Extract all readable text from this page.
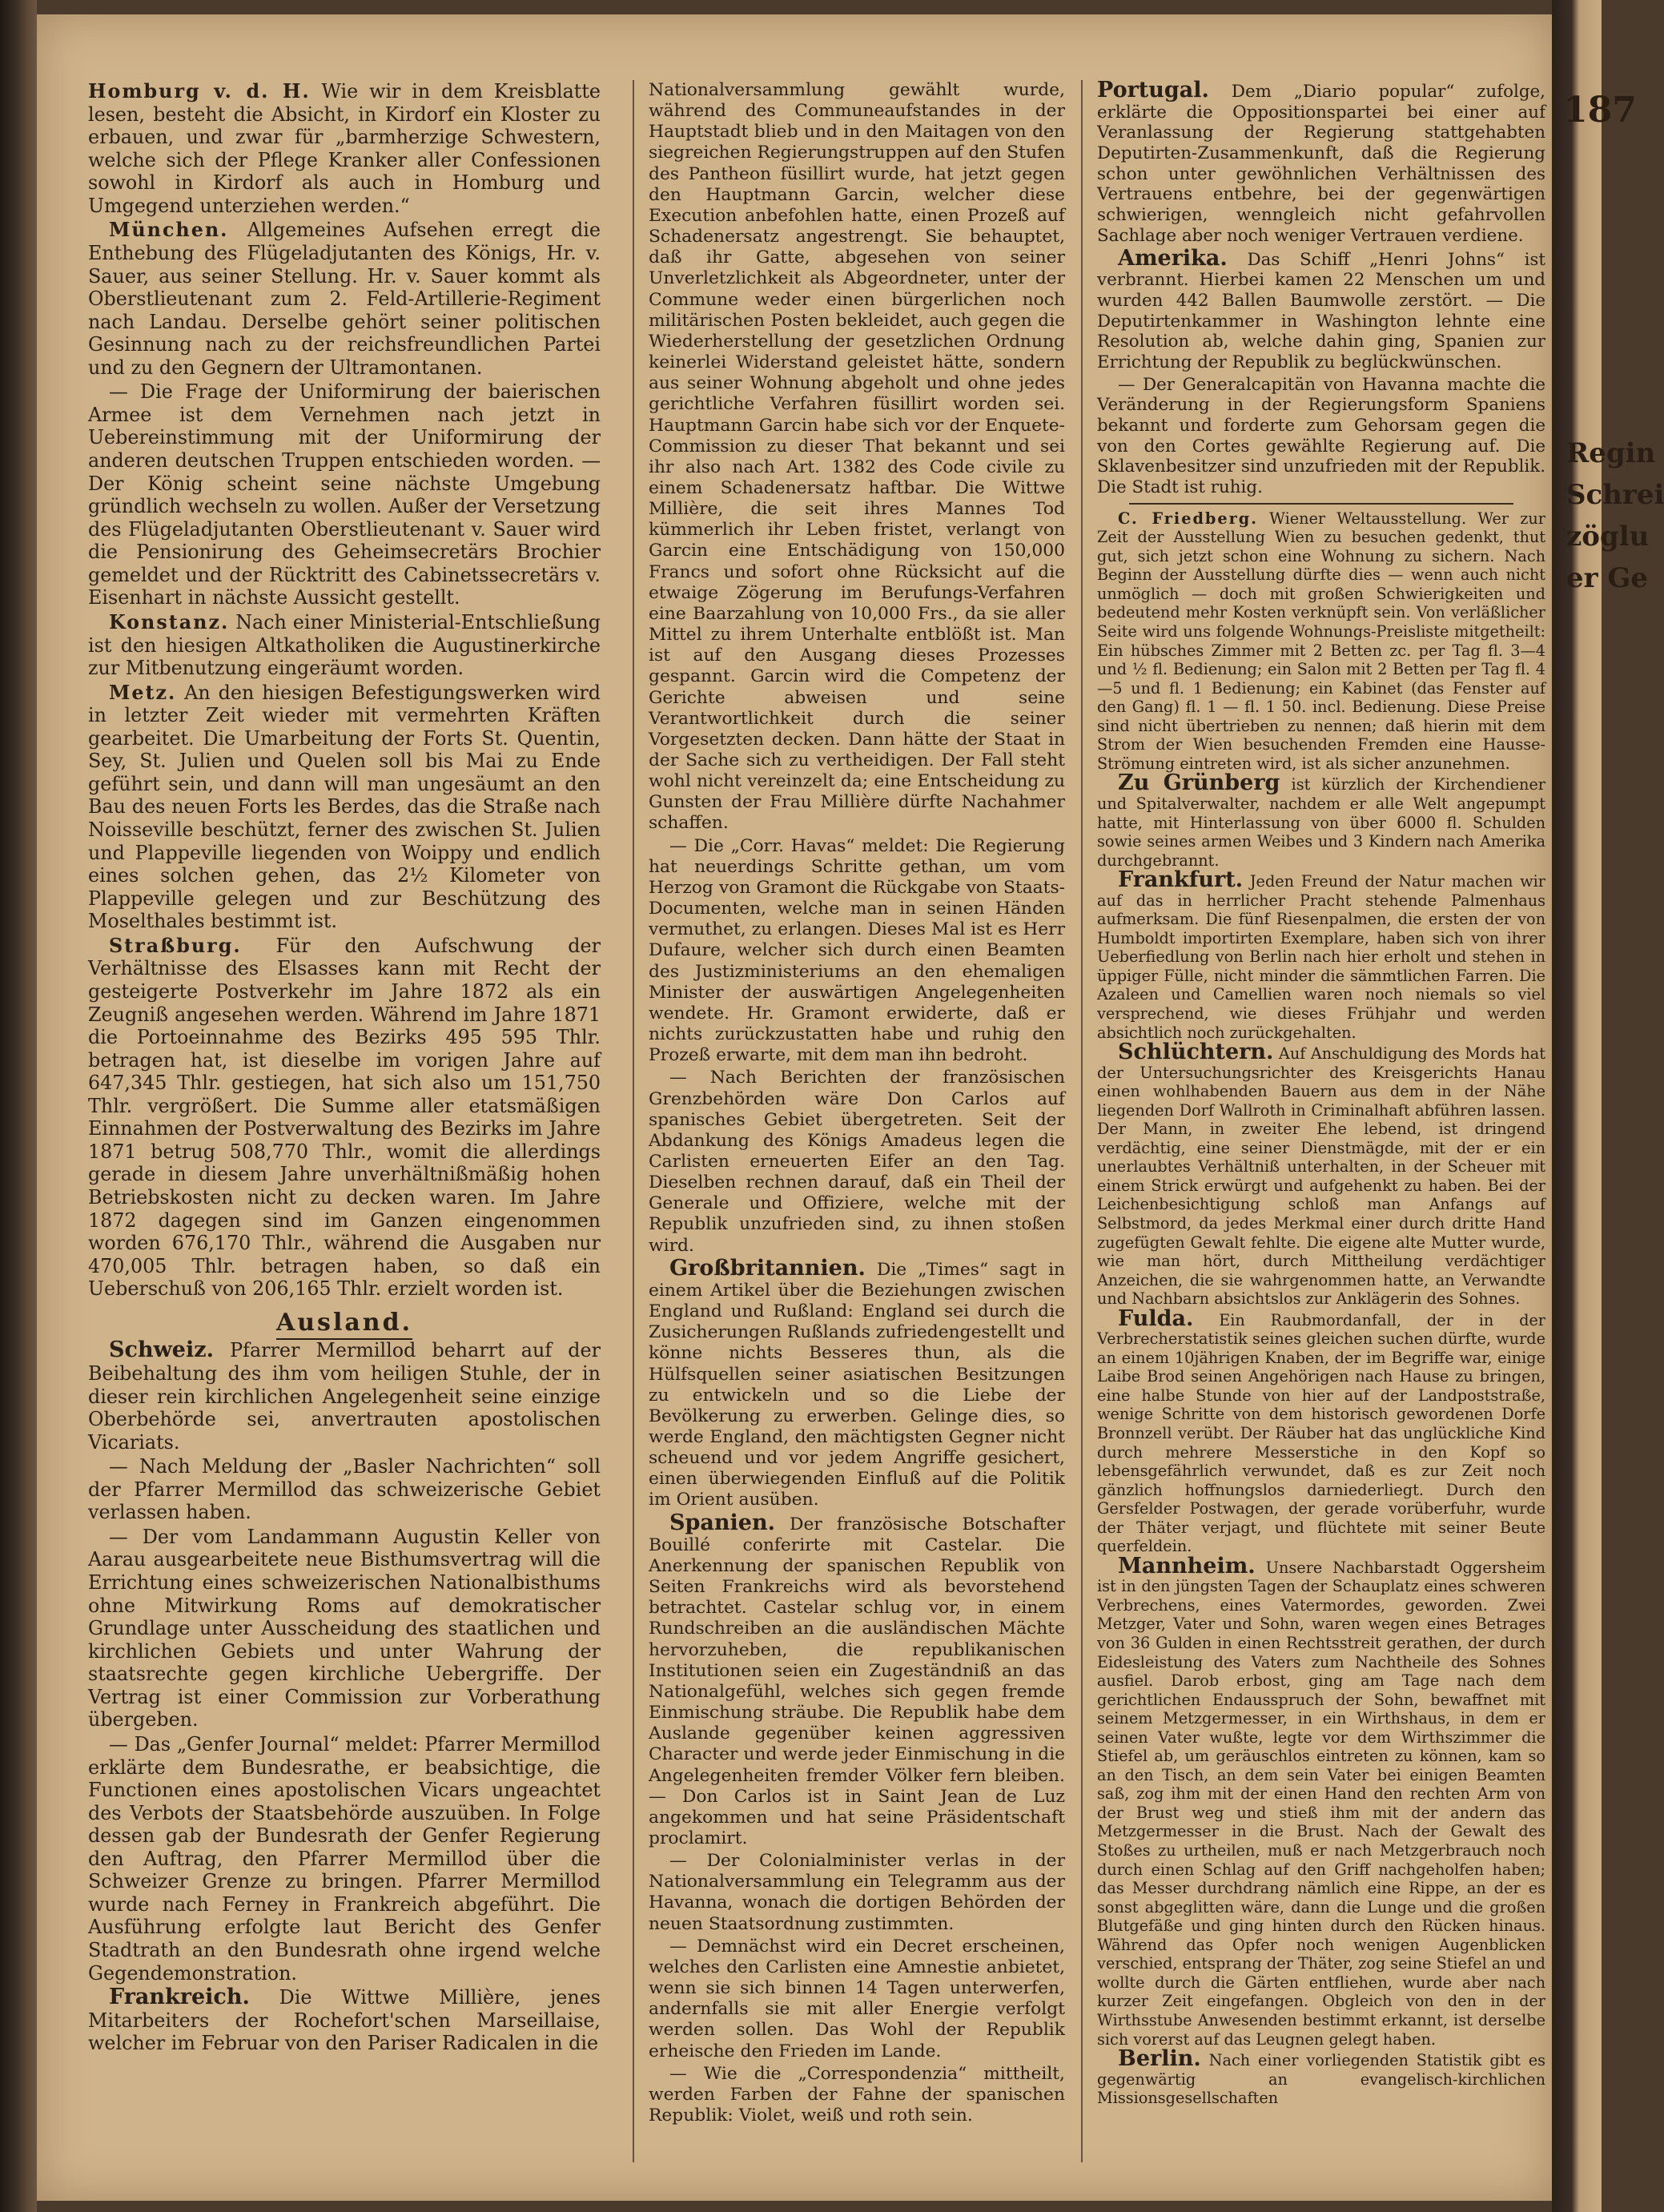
187

Homburg v. d. H. Wie wir in dem Kreisblatte lesen, besteht die Absicht, in Kirdorf ein Kloster zu erbauen, und zwar für „barmherzige Schwestern, welche sich der Pflege Kranker aller Confessionen sowohl in Kirdorf als auch in Homburg und Umgegend unterziehen werden.“

München. Allgemeines Aufsehen erregt die Enthebung des Flügeladjutanten des Königs, Hr. v. Sauer, aus seiner Stellung. Hr. v. Sauer kommt als Oberstlieutenant zum 2. Feld-Artillerie-Regiment nach Landau. Derselbe gehört seiner politischen Gesinnung nach zu der reichsfreundlichen Partei und zu den Gegnern der Ultramontanen.

— Die Frage der Uniformirung der baierischen Armee ist dem Vernehmen nach jetzt in Uebereinstimmung mit der Uniformirung der anderen deutschen Truppen entschieden worden. — Der König scheint seine nächste Umgebung gründlich wechseln zu wollen. Außer der Versetzung des Flügeladjutanten Oberstlieutenant v. Sauer wird die Pensionirung des Geheimsecretärs Brochier gemeldet und der Rücktritt des Cabinetssecretärs v. Eisenhart in nächste Aussicht gestellt.

Konstanz. Nach einer Ministerial-Entschließung ist den hiesigen Altkatholiken die Augustinerkirche zur Mitbenutzung eingeräumt worden.

Metz. An den hiesigen Befestigungswerken wird in letzter Zeit wieder mit vermehrten Kräften gearbeitet. Die Umarbeitung der Forts St. Quentin, Sey, St. Julien und Quelen soll bis Mai zu Ende geführt sein, und dann will man ungesäumt an den Bau des neuen Forts les Berdes, das die Straße nach Noisseville beschützt, ferner des zwischen St. Julien und Plappeville liegenden von Woippy und endlich eines solchen gehen, das 2½ Kilometer von Plappeville gelegen und zur Beschützung des Moselthales bestimmt ist.

Straßburg. Für den Aufschwung der Verhältnisse des Elsasses kann mit Recht der gesteigerte Postverkehr im Jahre 1872 als ein Zeugniß angesehen werden. Während im Jahre 1871 die Portoeinnahme des Bezirks 495 595 Thlr. betragen hat, ist dieselbe im vorigen Jahre auf 647,345 Thlr. gestiegen, hat sich also um 151,750 Thlr. vergrößert. Die Summe aller etatsmäßigen Einnahmen der Postverwaltung des Bezirks im Jahre 1871 betrug 508,770 Thlr., womit die allerdings gerade in diesem Jahre unverhältnißmäßig hohen Betriebskosten nicht zu decken waren. Im Jahre 1872 dagegen sind im Ganzen eingenommen worden 676,170 Thlr., während die Ausgaben nur 470,005 Thlr. betragen haben, so daß ein Ueberschuß von 206,165 Thlr. erzielt worden ist.

Ausland.

Schweiz. Pfarrer Mermillod beharrt auf der Beibehaltung des ihm vom heiligen Stuhle, der in dieser rein kirchlichen Angelegenheit seine einzige Oberbehörde sei, anvertrauten apostolischen Vicariats.

— Nach Meldung der „Basler Nachrichten“ soll der Pfarrer Mermillod das schweizerische Gebiet verlassen haben.

— Der vom Landammann Augustin Keller von Aarau ausgearbeitete neue Bisthumsvertrag will die Errichtung eines schweizerischen Nationalbisthums ohne Mitwirkung Roms auf demokratischer Grundlage unter Ausscheidung des staatlichen und kirchlichen Gebiets und unter Wahrung der staatsrechte gegen kirchliche Uebergriffe. Der Vertrag ist einer Commission zur Vorberathung übergeben.

— Das „Genfer Journal“ meldet: Pfarrer Mermillod erklärte dem Bundesrathe, er beabsichtige, die Functionen eines apostolischen Vicars ungeachtet des Verbots der Staatsbehörde auszuüben. In Folge dessen gab der Bundesrath der Genfer Regierung den Auftrag, den Pfarrer Mermillod über die Schweizer Grenze zu bringen. Pfarrer Mermillod wurde nach Ferney in Frankreich abgeführt. Die Ausführung erfolgte laut Bericht des Genfer Stadtrath an den Bundesrath ohne irgend welche Gegendemonstration.

Frankreich. Die Wittwe Millière, jenes Mitarbeiters der Rochefort'schen Marseillaise, welcher im Februar von den Pariser Radicalen in die

Nationalversammlung gewählt wurde, während des Communeaufstandes in der Hauptstadt blieb und in den Maitagen von den siegreichen Regierungstruppen auf den Stufen des Pantheon füsillirt wurde, hat jetzt gegen den Hauptmann Garcin, welcher diese Execution anbefohlen hatte, einen Prozeß auf Schadenersatz angestrengt. Sie behauptet, daß ihr Gatte, abgesehen von seiner Unverletzlichkeit als Abgeordneter, unter der Commune weder einen bürgerlichen noch militärischen Posten bekleidet, auch gegen die Wiederherstellung der gesetzlichen Ordnung keinerlei Widerstand geleistet hätte, sondern aus seiner Wohnung abgeholt und ohne jedes gerichtliche Verfahren füsillirt worden sei. Hauptmann Garcin habe sich vor der Enquete-Commission zu dieser That bekannt und sei ihr also nach Art. 1382 des Code civile zu einem Schadenersatz haftbar. Die Wittwe Millière, die seit ihres Mannes Tod kümmerlich ihr Leben fristet, verlangt von Garcin eine Entschädigung von 150,000 Francs und sofort ohne Rücksicht auf die etwaige Zögerung im Berufungs-Verfahren eine Baarzahlung von 10,000 Frs., da sie aller Mittel zu ihrem Unterhalte entblößt ist. Man ist auf den Ausgang dieses Prozesses gespannt. Garcin wird die Competenz der Gerichte abweisen und seine Verantwortlichkeit durch die seiner Vorgesetzten decken. Dann hätte der Staat in der Sache sich zu vertheidigen. Der Fall steht wohl nicht vereinzelt da; eine Entscheidung zu Gunsten der Frau Millière dürfte Nachahmer schaffen.

— Die „Corr. Havas“ meldet: Die Regierung hat neuerdings Schritte gethan, um vom Herzog von Gramont die Rückgabe von Staats-Documenten, welche man in seinen Händen vermuthet, zu erlangen. Dieses Mal ist es Herr Dufaure, welcher sich durch einen Beamten des Justizministeriums an den ehemaligen Minister der auswärtigen Angelegenheiten wendete. Hr. Gramont erwiderte, daß er nichts zurückzustatten habe und ruhig den Prozeß erwarte, mit dem man ihn bedroht.

— Nach Berichten der französischen Grenzbehörden wäre Don Carlos auf spanisches Gebiet übergetreten. Seit der Abdankung des Königs Amadeus legen die Carlisten erneuerten Eifer an den Tag. Dieselben rechnen darauf, daß ein Theil der Generale und Offiziere, welche mit der Republik unzufrieden sind, zu ihnen stoßen wird.

Großbritannien. Die „Times“ sagt in einem Artikel über die Beziehungen zwischen England und Rußland: England sei durch die Zusicherungen Rußlands zufriedengestellt und könne nichts Besseres thun, als die Hülfsquellen seiner asiatischen Besitzungen zu entwickeln und so die Liebe der Bevölkerung zu erwerben. Gelinge dies, so werde England, den mächtigsten Gegner nicht scheuend und vor jedem Angriffe gesichert, einen überwiegenden Einfluß auf die Politik im Orient ausüben.

Spanien. Der französische Botschafter Bouillé conferirte mit Castelar. Die Anerkennung der spanischen Republik von Seiten Frankreichs wird als bevorstehend betrachtet. Castelar schlug vor, in einem Rundschreiben an die ausländischen Mächte hervorzuheben, die republikanischen Institutionen seien ein Zugeständniß an das Nationalgefühl, welches sich gegen fremde Einmischung sträube. Die Republik habe dem Auslande gegenüber keinen aggressiven Character und werde jeder Einmischung in die Angelegenheiten fremder Völker fern bleiben. — Don Carlos ist in Saint Jean de Luz angekommen und hat seine Präsidentschaft proclamirt.

— Der Colonialminister verlas in der Nationalversammlung ein Telegramm aus der Havanna, wonach die dortigen Behörden der neuen Staatsordnung zustimmten.

— Demnächst wird ein Decret erscheinen, welches den Carlisten eine Amnestie anbietet, wenn sie sich binnen 14 Tagen unterwerfen, andernfalls sie mit aller Energie verfolgt werden sollen. Das Wohl der Republik erheische den Frieden im Lande.

— Wie die „Correspondenzia“ mittheilt, werden Farben der Fahne der spanischen Republik: Violet, weiß und roth sein.

Portugal. Dem „Diario popular“ zufolge, erklärte die Oppositionspartei bei einer auf Veranlassung der Regierung stattgehabten Deputirten-Zusammenkunft, daß die Regierung schon unter gewöhnlichen Verhältnissen des Vertrauens entbehre, bei der gegenwärtigen schwierigen, wenngleich nicht gefahrvollen Sachlage aber noch weniger Vertrauen verdiene.

Amerika. Das Schiff „Henri Johns“ ist verbrannt. Hierbei kamen 22 Menschen um und wurden 442 Ballen Baumwolle zerstört. — Die Deputirtenkammer in Washington lehnte eine Resolution ab, welche dahin ging, Spanien zur Errichtung der Republik zu beglückwünschen.

— Der Generalcapitän von Havanna machte die Veränderung in der Regierungsform Spaniens bekannt und forderte zum Gehorsam gegen die von den Cortes gewählte Regierung auf. Die Sklavenbesitzer sind unzufrieden mit der Republik. Die Stadt ist ruhig.

C. Friedberg. Wiener Weltausstellung. Wer zur Zeit der Ausstellung Wien zu besuchen gedenkt, thut gut, sich jetzt schon eine Wohnung zu sichern. Nach Beginn der Ausstellung dürfte dies — wenn auch nicht unmöglich — doch mit großen Schwierigkeiten und bedeutend mehr Kosten verknüpft sein. Von verläßlicher Seite wird uns folgende Wohnungs-Preisliste mitgetheilt: Ein hübsches Zimmer mit 2 Betten zc. per Tag fl. 3—4 und ½ fl. Bedienung; ein Salon mit 2 Betten per Tag fl. 4—5 und fl. 1 Bedienung; ein Kabinet (das Fenster auf den Gang) fl. 1 — fl. 1 50. incl. Bedienung. Diese Preise sind nicht übertrieben zu nennen; daß hierin mit dem Strom der Wien besuchenden Fremden eine Hausse-Strömung eintreten wird, ist als sicher anzunehmen.

Zu Grünberg ist kürzlich der Kirchendiener und Spitalverwalter, nachdem er alle Welt angepumpt hatte, mit Hinterlassung von über 6000 fl. Schulden sowie seines armen Weibes und 3 Kindern nach Amerika durchgebrannt.

Frankfurt. Jeden Freund der Natur machen wir auf das in herrlicher Pracht stehende Palmenhaus aufmerksam. Die fünf Riesenpalmen, die ersten der von Humboldt importirten Exemplare, haben sich von ihrer Ueberfiedlung von Berlin nach hier erholt und stehen in üppiger Fülle, nicht minder die sämmtlichen Farren. Die Azaleen und Camellien waren noch niemals so viel versprechend, wie dieses Frühjahr und werden absichtlich noch zurückgehalten.

Schlüchtern. Auf Anschuldigung des Mords hat der Untersuchungsrichter des Kreisgerichts Hanau einen wohlhabenden Bauern aus dem in der Nähe liegenden Dorf Wallroth in Criminalhaft abführen lassen. Der Mann, in zweiter Ehe lebend, ist dringend verdächtig, eine seiner Dienstmägde, mit der er ein unerlaubtes Verhältniß unterhalten, in der Scheuer mit einem Strick erwürgt und aufgehenkt zu haben. Bei der Leichenbesichtigung schloß man Anfangs auf Selbstmord, da jedes Merkmal einer durch dritte Hand zugefügten Gewalt fehlte. Die eigene alte Mutter wurde, wie man hört, durch Mittheilung verdächtiger Anzeichen, die sie wahrgenommen hatte, an Verwandte und Nachbarn absichtslos zur Anklägerin des Sohnes.

Fulda. Ein Raubmordanfall, der in der Verbrecherstatistik seines gleichen suchen dürfte, wurde an einem 10jährigen Knaben, der im Begriffe war, einige Laibe Brod seinen Angehörigen nach Hause zu bringen, eine halbe Stunde von hier auf der Landpoststraße, wenige Schritte von dem historisch gewordenen Dorfe Bronnzell verübt. Der Räuber hat das unglückliche Kind durch mehrere Messerstiche in den Kopf so lebensgefährlich verwundet, daß es zur Zeit noch gänzlich hoffnungslos darniederliegt. Durch den Gersfelder Postwagen, der gerade vorüberfuhr, wurde der Thäter verjagt, und flüchtete mit seiner Beute querfeldein.

Mannheim. Unsere Nachbarstadt Oggersheim ist in den jüngsten Tagen der Schauplatz eines schweren Verbrechens, eines Vatermordes, geworden. Zwei Metzger, Vater und Sohn, waren wegen eines Betrages von 36 Gulden in einen Rechtsstreit gerathen, der durch Eidesleistung des Vaters zum Nachtheile des Sohnes ausfiel. Darob erbost, ging am Tage nach dem gerichtlichen Endausspruch der Sohn, bewaffnet mit seinem Metzgermesser, in ein Wirthshaus, in dem er seinen Vater wußte, legte vor dem Wirthszimmer die Stiefel ab, um geräuschlos eintreten zu können, kam so an den Tisch, an dem sein Vater bei einigen Beamten saß, zog ihm mit der einen Hand den rechten Arm von der Brust weg und stieß ihm mit der andern das Metzgermesser in die Brust. Nach der Gewalt des Stoßes zu urtheilen, muß er nach Metzgerbrauch noch durch einen Schlag auf den Griff nachgeholfen haben; das Messer durchdrang nämlich eine Rippe, an der es sonst abgeglitten wäre, dann die Lunge und die großen Blutgefäße und ging hinten durch den Rücken hinaus. Während das Opfer noch wenigen Augenblicken verschied, entsprang der Thäter, zog seine Stiefel an und wollte durch die Gärten entfliehen, wurde aber nach kurzer Zeit eingefangen. Obgleich von den in der Wirthsstube Anwesenden bestimmt erkannt, ist derselbe sich vorerst auf das Leugnen gelegt haben.

Berlin. Nach einer vorliegenden Statistik gibt es gegenwärtig an evangelisch-kirchlichen Missionsgesellschaften

Regin
Schrei
zöglu
er Ge
